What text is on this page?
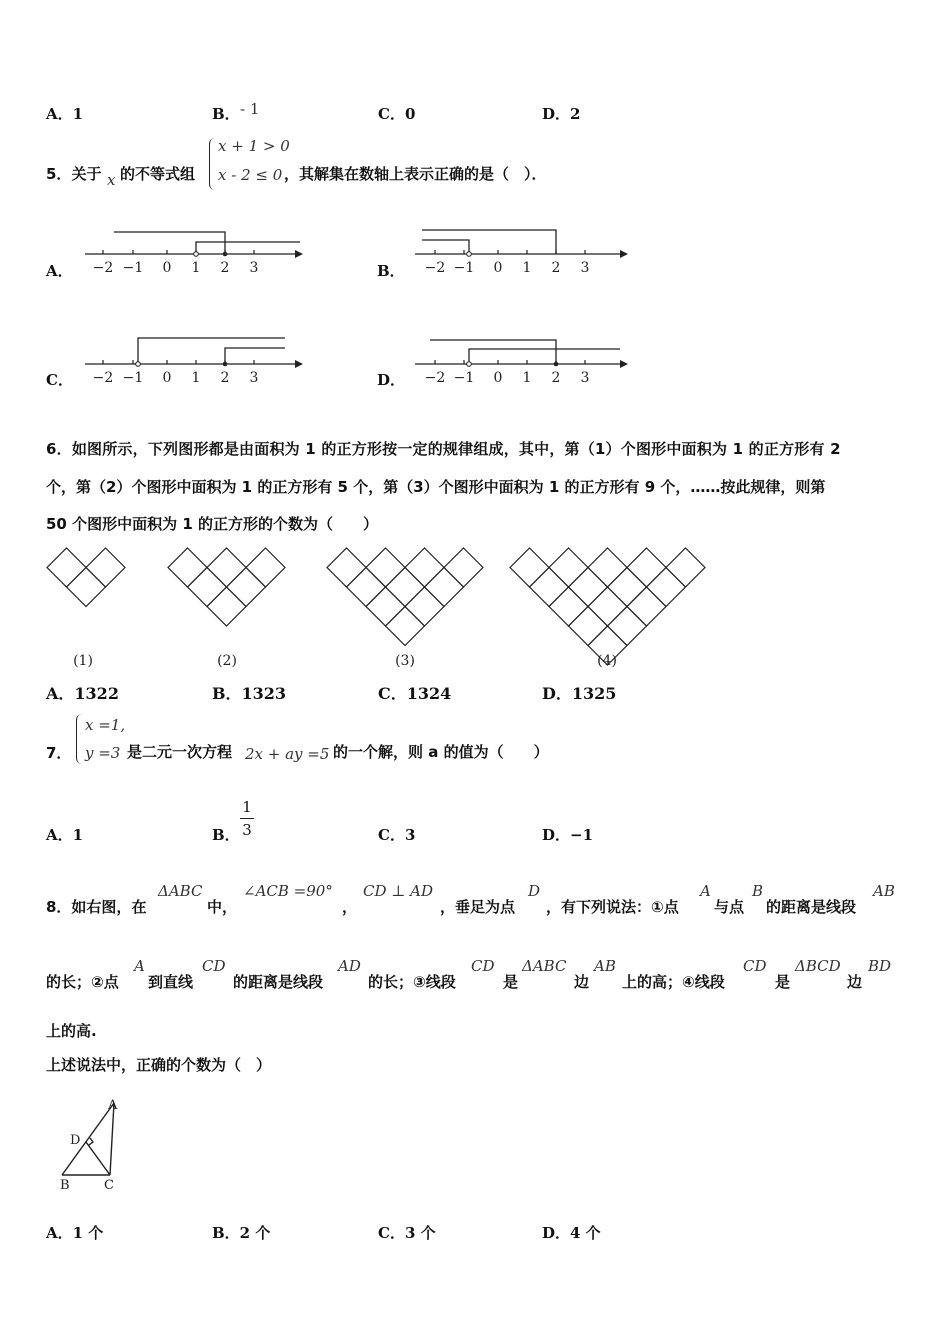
A．1	B． - 1	C．0	D．2
5．关于 x 的不等式组
x + 1 > 0
x - 2 ≤ 0 ，其解集在数轴上表示正确的是（　）．
A．	B．
C．	D．
−2 −1 0 1 2 3	−2 −1 0 1 2 3
−2 −1 0 1 2 3	−2 −1 0 1 2 3
6．如图所示，下列图形都是由面积为 1 的正方形按一定的规律组成，其中，第（1）个图形中面积为 1 的正方形有 2
个，第（2）个图形中面积为 1 的正方形有 5 个，第（3）个图形中面积为 1 的正方形有 9 个，……按此规律，则第
50 个图形中面积为 1 的正方形的个数为（　　）
(1)	(2)	(3)	(4)
A．1322	B．1323	C．1324	D．1325
7．
x =1,
y =3 是二元一次方程 2x + ay =5 的一个解，则 a 的值为（　　）
A．1	B．
1
3	C．3	D．−1
8．如右图，在
ΔABC
中，
∠ACB =90°
，
CD ⊥ AD
，垂足为点
D
，有下列说法：①点
A
与点
B
的距离是线段
AB
的长；②点
A
到直线
CD
的距离是线段
AD
的长；③线段
CD
是
ΔABC
边
AB
上的高；④线段
CD
是
ΔBCD
边
BD
上的高.
上述说法中，正确的个数为（　）
A
D
B	C
A．1 个	B．2 个	C．3 个	D．4 个
